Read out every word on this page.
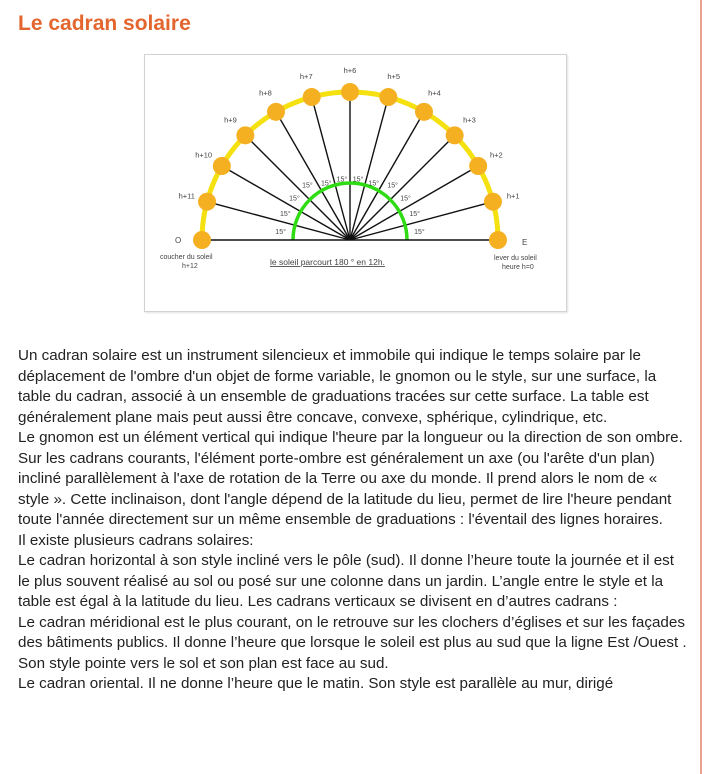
Le cadran solaire
15°
15°
15°
15°
15°
15°
15°
15°
15°
15°
15°
15°
h+1
h+2
h+3
h+4
h+5
h+6
h+7
h+8
h+9
h+10
h+11
O
coucher du soleil
h+12
E
lever du soleil
heure h=0
le soleil parcourt 180 ° en 12h.

Un cadran solaire est un instrument silencieux et immobile qui indique le temps solaire par le déplacement de l'ombre d'un objet de forme variable, le gnomon ou le style, sur une surface, la table du cadran, associé à un ensemble de graduations tracées sur cette surface. La table est généralement plane mais peut aussi être concave, convexe, sphérique, cylindrique, etc.

Le gnomon est un élément vertical qui indique l'heure par la longueur ou la direction de son ombre. Sur les cadrans courants, l'élément porte-ombre est généralement un axe (ou l'arête d'un plan) incliné parallèlement à l'axe de rotation de la Terre ou axe du monde. Il prend alors le nom de « style ». Cette inclinaison, dont l'angle dépend de la latitude du lieu, permet de lire l'heure pendant toute l'année directement sur un même ensemble de graduations : l'éventail des lignes horaires.

Il existe plusieurs cadrans solaires:

Le cadran horizontal à son style incliné vers le pôle (sud). Il donne l’heure toute la journée et il est le plus souvent réalisé au sol ou posé sur une colonne dans un jardin. L’angle entre le style et la table est égal à la latitude du lieu. Les cadrans verticaux se divisent en d’autres cadrans :

Le cadran méridional est le plus courant, on le retrouve sur les clochers d’églises et sur les façades des bâtiments publics. Il donne l’heure que lorsque le soleil est plus au sud que la ligne Est /Ouest . Son style pointe vers le sol et son plan est face au sud.

Le cadran oriental. Il ne donne l’heure que le matin. Son style est parallèle au mur, dirigé
